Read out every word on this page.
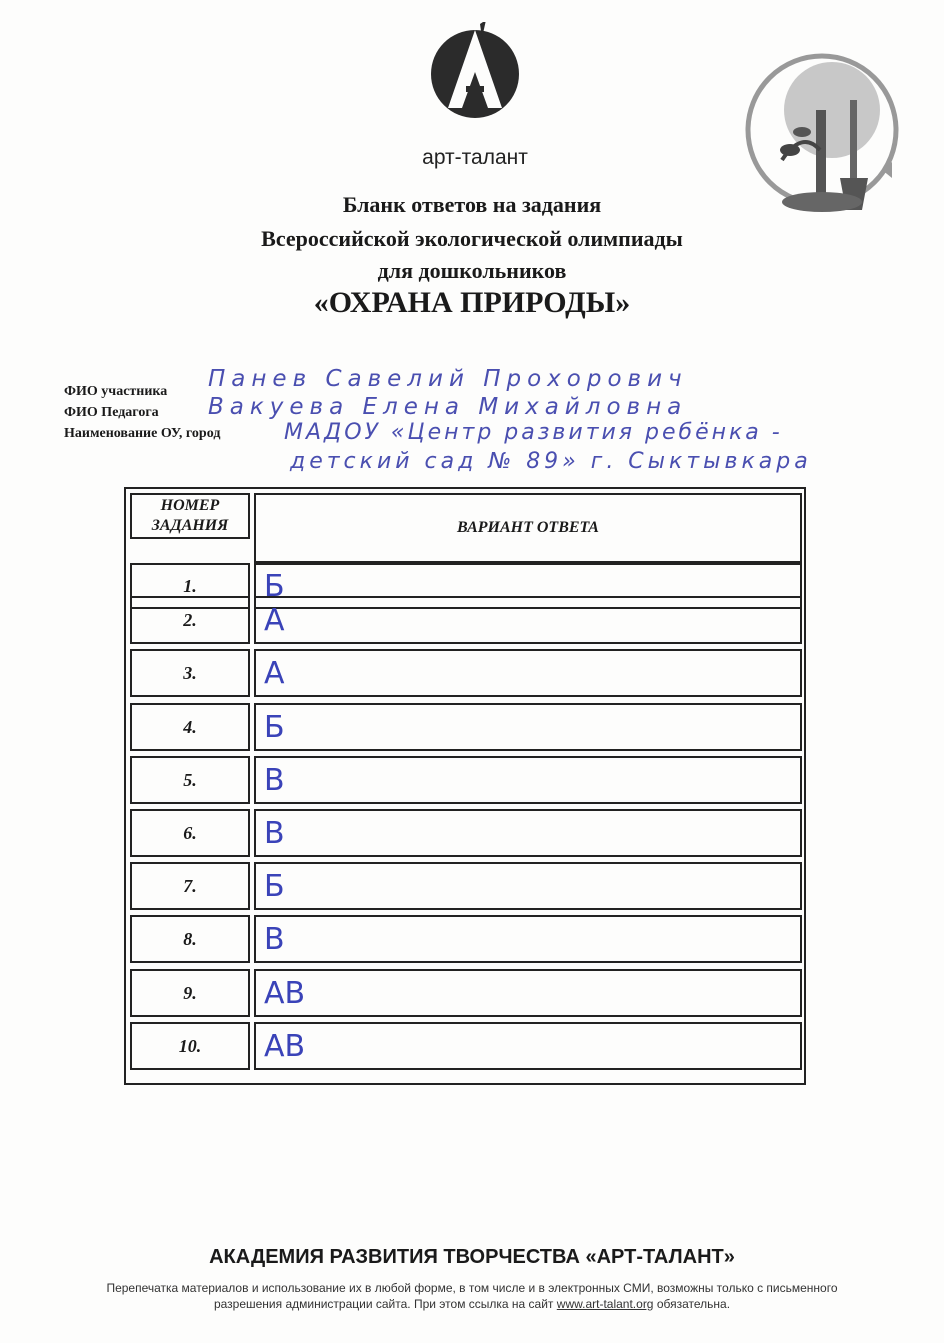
арт-талант
Бланк ответов на задания
Всероссийской экологической олимпиады
для дошкольников
«ОХРАНА ПРИРОДЫ»
ФИО участника Панев Савелий Прохорович
ФИО Педагога Вакуева Елена Михайловна
Наименование ОУ, город	МАДОУ «Центр развития ребёнка -
детский сад № 89» г. Сыктывкара
НОМЕР
ЗАДАНИЯ	ВАРИАНТ ОТВЕТА
1.	Б
2.	А
3.	А
4.	Б
5.	В
6.	В
7.	Б
8.	В
9.	АВ
10.	АВ
АКАДЕМИЯ РАЗВИТИЯ ТВОРЧЕСТВА «АРТ-ТАЛАНТ»
Перепечатка материалов и использование их в любой форме, в том числе и в электронных СМИ, возможны только с письменного разрешения администрации сайта. При этом ссылка на сайт www.art-talant.org обязательна.
